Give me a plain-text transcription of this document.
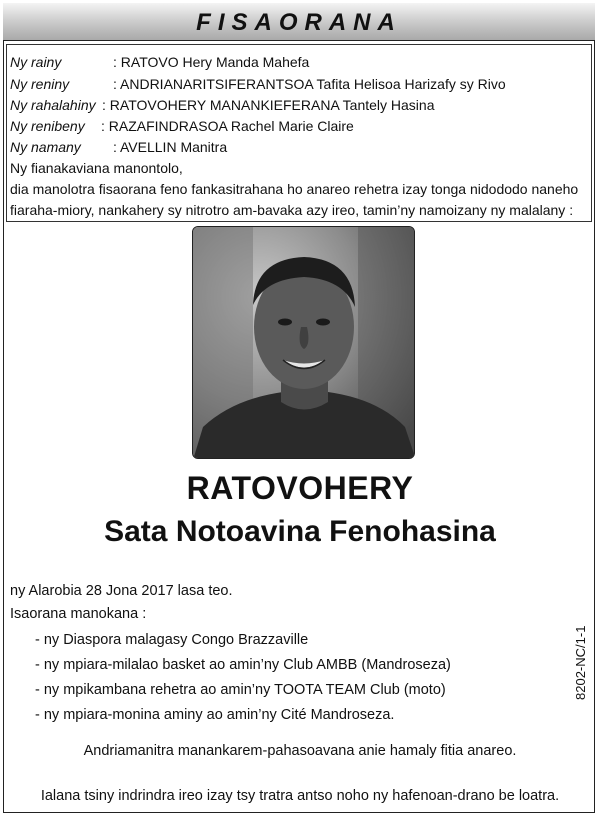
FISAORANA
Ny rainy	: RATOVO Hery Manda Mahefa
Ny reniny	: ANDRIANARITSIFERANTSOA Tafita Helisoa Harizafy sy Rivo
Ny rahalahiny : RATOVOHERY MANANKIEFERANA Tantely Hasina
Ny renibeny : RAZAFINDRASOA Rachel Marie Claire
Ny namany : AVELLIN Manitra
Ny fianakaviana manontolo,
dia manolotra fisaorana feno fankasitrahana ho anareo rehetra izay tonga nidododo naneho
fiaraha-miory, nankahery sy nitrotro am-bavaka azy ireo, tamin’ny namoizany ny malalany :
RATOVOHERY
Sata Notoavina Fenohasina
ny Alarobia 28 Jona 2017 lasa teo.
Isaorana manokana :
- ny Diaspora malagasy Congo Brazzaville
- ny mpiara-milalao basket ao amin’ny Club AMBB (Mandroseza)
- ny mpikambana rehetra ao amin’ny TOOTA TEAM Club (moto)
- ny mpiara-monina aminy ao amin’ny Cité Mandroseza.
Andriamanitra manankarem-pahasoavana anie hamaly fitia anareo.
Ialana tsiny indrindra ireo izay tsy tratra antso noho ny hafenoan-drano be loatra.
8202-NC/1-1
